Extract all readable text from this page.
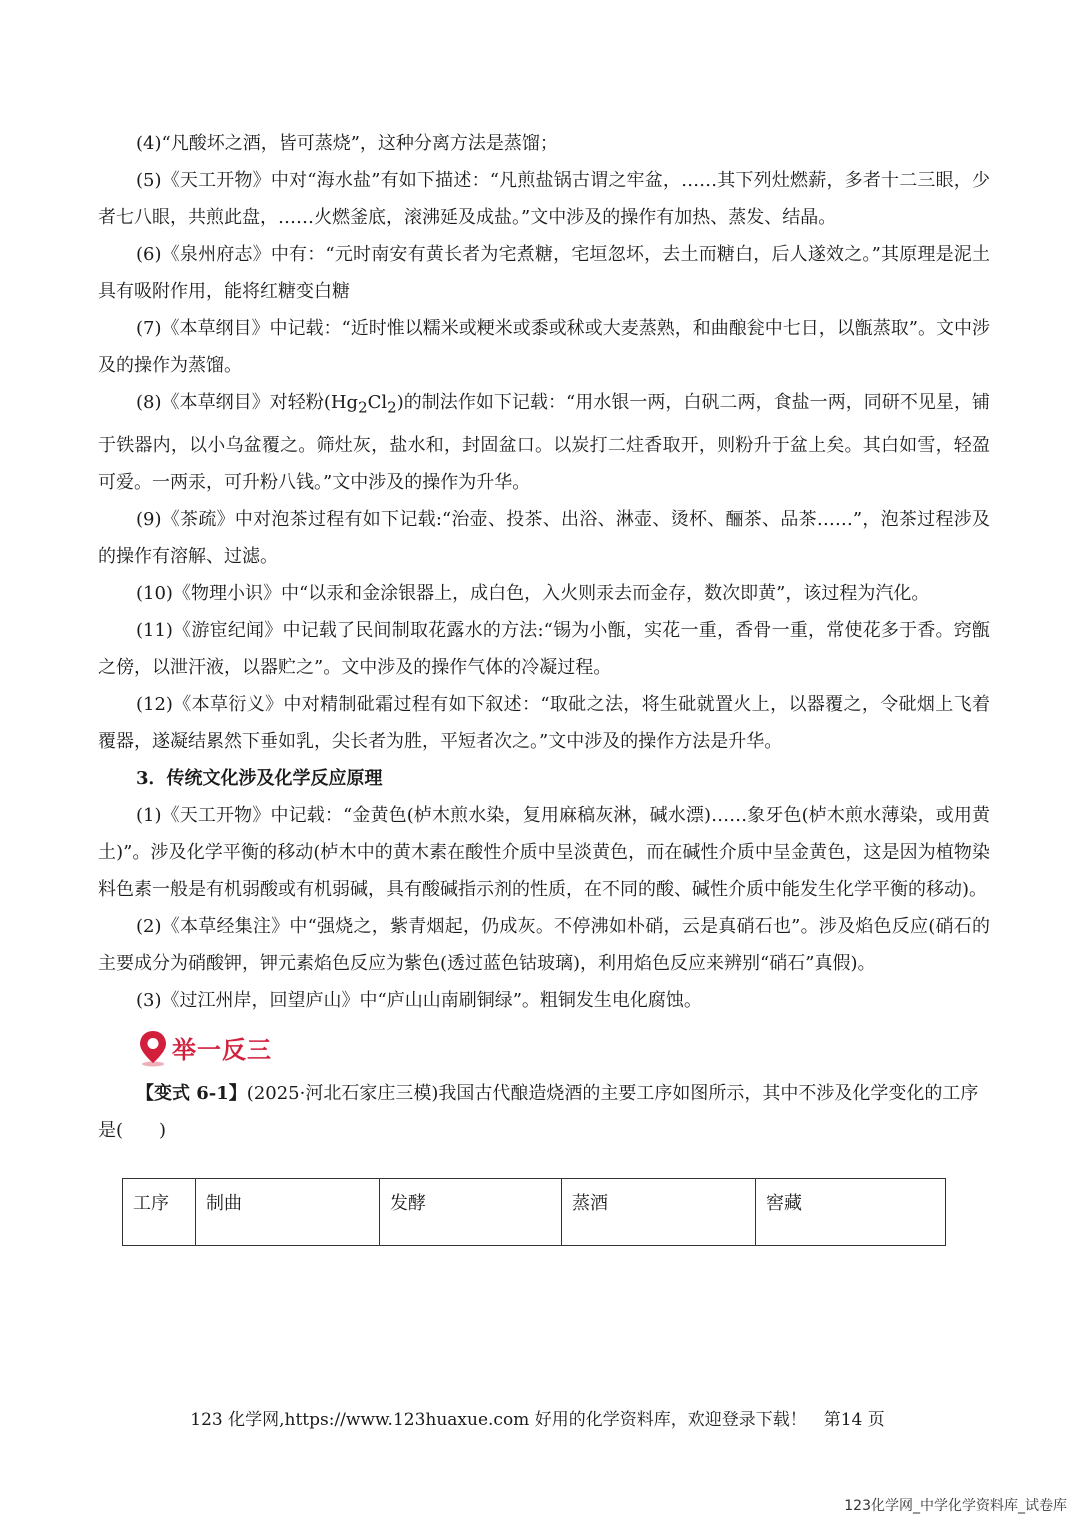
(4)“凡酸坏之酒，皆可蒸烧”，这种分离方法是蒸馏；

(5)《天工开物》中对“海水盐”有如下描述：“凡煎盐锅古谓之牢盆，……其下列灶燃薪，多者十二三眼，少者七八眼，共煎此盘，……火燃釜底，滚沸延及成盐。”文中涉及的操作有加热、蒸发、结晶。

(6)《泉州府志》中有：“元时南安有黄长者为宅煮糖，宅垣忽坏，去土而糖白，后人遂效之。”其原理是泥土具有吸附作用，能将红糖变白糖

(7)《本草纲目》中记载：“近时惟以糯米或粳米或黍或秫或大麦蒸熟，和曲酿瓮中七日，以甑蒸取”。文中涉及的操作为蒸馏。

(8)《本草纲目》对轻粉$(Hg_2Cl_2)$的制法作如下记载：“用水银一两，白矾二两，食盐一两，同研不见星，铺于铁器内，以小乌盆覆之。筛灶灰，盐水和，封固盆口。以炭打二炷香取开，则粉升于盆上矣。其白如雪，轻盈可爱。一两汞，可升粉八钱。”文中涉及的操作为升华。

(9)《茶疏》中对泡茶过程有如下记载:“治壶、投茶、出浴、淋壶、烫杯、酾茶、品茶……”，泡茶过程涉及的操作有溶解、过滤。

(10)《物理小识》中“以汞和金涂银器上，成白色，入火则汞去而金存，数次即黄”，该过程为汽化。

(11)《游宦纪闻》中记载了民间制取花露水的方法:“锡为小甑，实花一重，香骨一重，常使花多于香。窍甑之傍，以泄汗液，以器贮之”。文中涉及的操作气体的冷凝过程。

(12)《本草衍义》中对精制砒霜过程有如下叙述：“取砒之法，将生砒就置火上，以器覆之，令砒烟上飞着覆器，遂凝结累然下垂如乳，尖长者为胜，平短者次之。”文中涉及的操作方法是升华。

3．传统文化涉及化学反应原理

(1)《天工开物》中记载：“金黄色(栌木煎水染，复用麻稿灰淋，碱水漂)……象牙色(栌木煎水薄染，或用黄土)”。涉及化学平衡的移动(栌木中的黄木素在酸性介质中呈淡黄色，而在碱性介质中呈金黄色，这是因为植物染料色素一般是有机弱酸或有机弱碱，具有酸碱指示剂的性质，在不同的酸、碱性介质中能发生化学平衡的移动)。

(2)《本草经集注》中“强烧之，紫青烟起，仍成灰。不停沸如朴硝，云是真硝石也”。涉及焰色反应(硝石的主要成分为硝酸钾，钾元素焰色反应为紫色(透过蓝色钴玻璃)，利用焰色反应来辨别“硝石”真假)。

(3)《过江州岸，回望庐山》中“庐山山南刷铜绿”。粗铜发生电化腐蚀。

举一反三

【变式 6-1】(2025·河北石家庄三模)我国古代酿造烧酒的主要工序如图所示，其中不涉及化学变化的工序是(　　)

工序	制曲	发酵	蒸酒	窖藏
123 化学网,https://www.123huaxue.com 好用的化学资料库，欢迎登录下载！　第14 页
123化学网_中学化学资料库_试卷库
